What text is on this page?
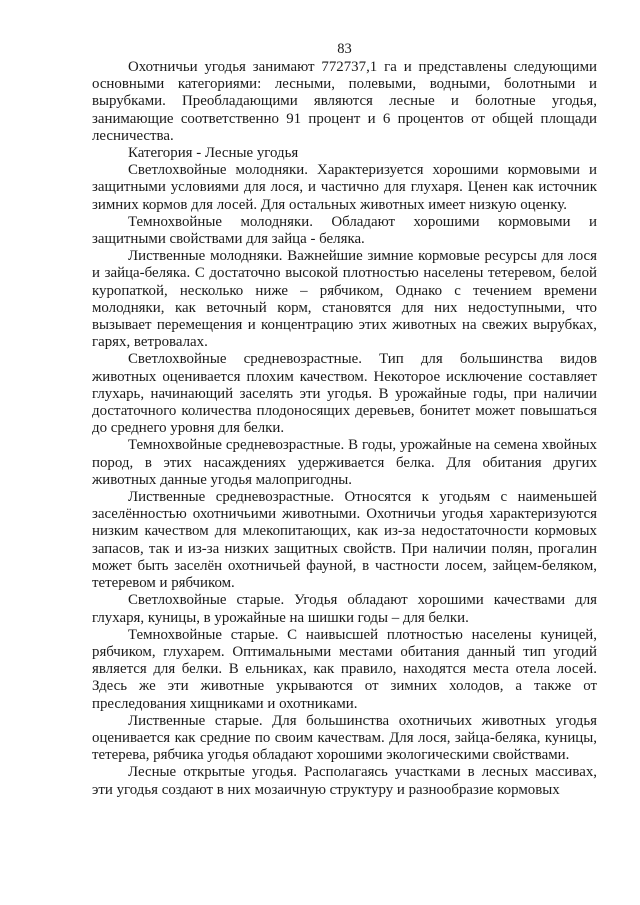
83

Охотничьи угодья занимают 772737,1 га и представлены следующими основными категориями: лесными, полевыми, водными, болотными и вырубками. Преобладающими являются лесные и болотные угодья, занимающие соответственно 91 процент и 6 процентов от общей площади лесничества.

Категория - Лесные угодья

Светлохвойные молодняки. Характеризуется хорошими кормовыми и защитными условиями для лося, и частично для глухаря. Ценен как источник зимних кормов для лосей. Для остальных животных имеет низкую оценку.

Темнохвойные молодняки. Обладают хорошими кормовыми и защитными свойствами для зайца - беляка.

Лиственные молодняки. Важнейшие зимние кормовые ресурсы для лося и зайца-беляка. С достаточно высокой плотностью населены тетеревом, белой куропаткой, несколько ниже – рябчиком, Однако с течением времени молодняки, как веточный корм, становятся для них недоступными, что вызывает перемещения и концентрацию этих животных на свежих вырубках, гарях, ветровалах.

Светлохвойные средневозрастные. Тип для большинства видов животных оценивается плохим качеством. Некоторое исключение составляет глухарь, начинающий заселять эти угодья. В урожайные годы, при наличии достаточного количества плодоносящих деревьев, бонитет может повышаться до среднего уровня для белки.

Темнохвойные средневозрастные. В годы, урожайные на семена хвойных пород, в этих насаждениях удерживается белка. Для обитания других животных данные угодья малопригодны.

Лиственные средневозрастные. Относятся к угодьям с наименьшей заселённостью охотничьими животными. Охотничьи угодья характеризуются низким качеством для млекопитающих, как из-за недостаточности кормовых запасов, так и из-за низких защитных свойств. При наличии полян, прогалин может быть заселён охотничьей фауной, в частности лосем, зайцем-беляком, тетеревом и рябчиком.

Светлохвойные старые. Угодья обладают хорошими качествами для глухаря, куницы, в урожайные на шишки годы – для белки.

Темнохвойные старые. С наивысшей плотностью населены куницей, рябчиком, глухарем. Оптимальными местами обитания данный тип угодий является для белки. В ельниках, как правило, находятся места отела лосей. Здесь же эти животные укрываются от зимних холодов, а также от преследования хищниками и охотниками.

Лиственные старые. Для большинства охотничьих животных угодья оценивается как средние по своим качествам. Для лося, зайца-беляка, куницы, тетерева, рябчика угодья обладают хорошими экологическими свойствами.

Лесные открытые угодья. Располагаясь участками в лесных массивах, эти угодья создают в них мозаичную структуру и разнообразие кормовых
